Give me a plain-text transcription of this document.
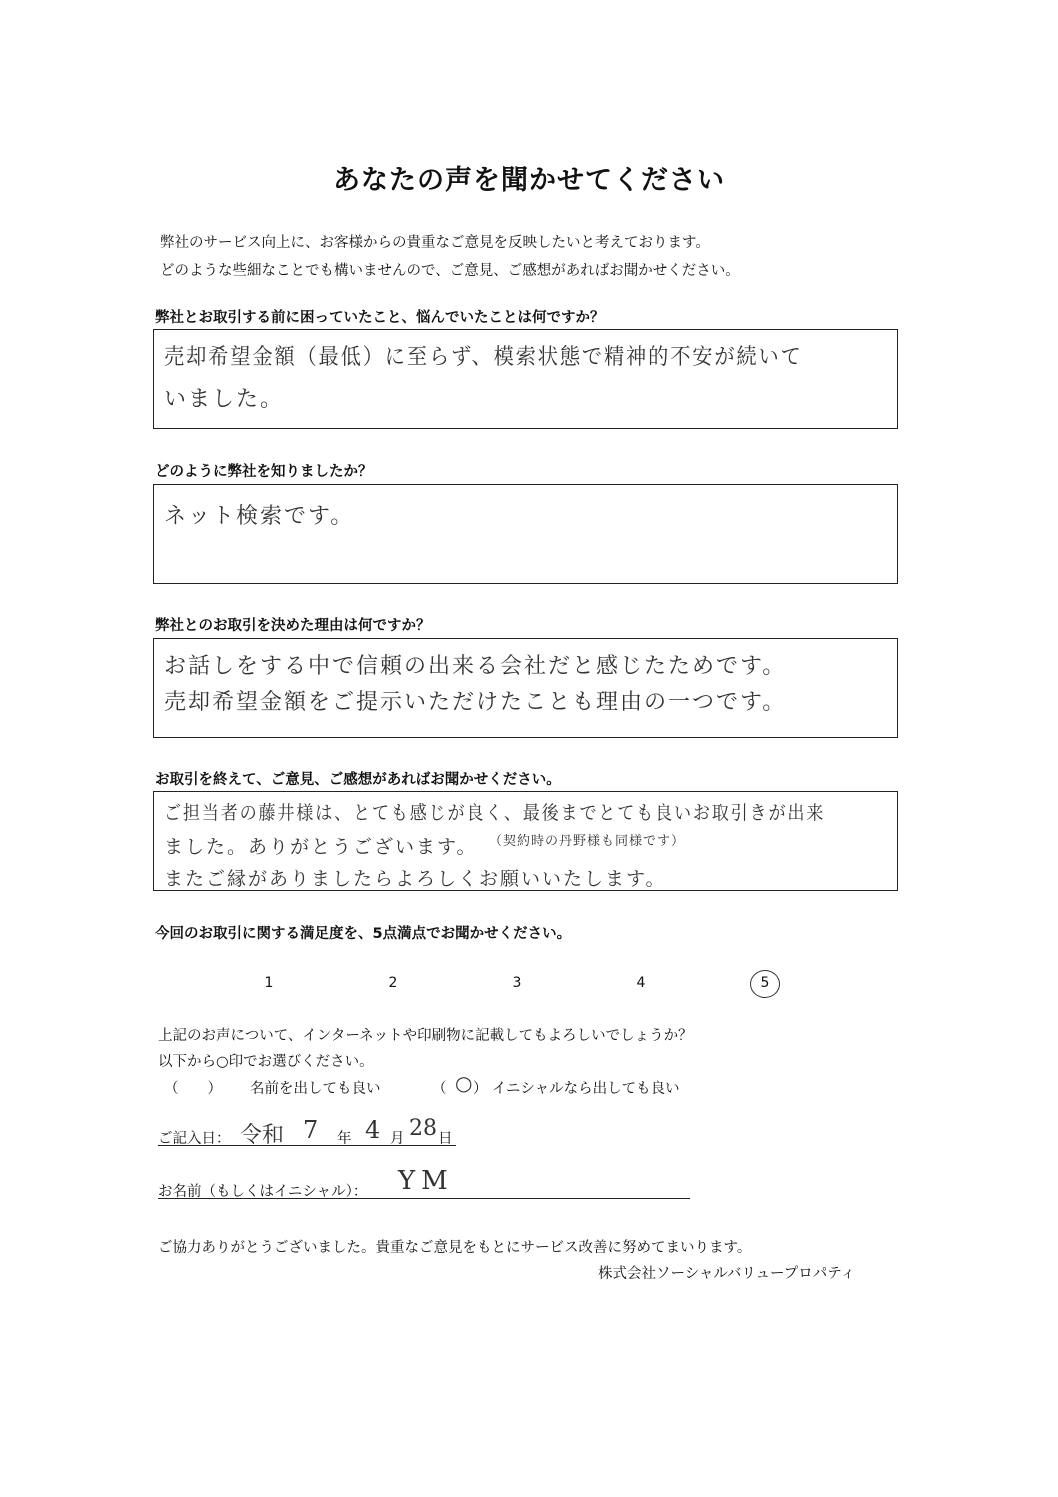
あなたの声を聞かせてください
弊社のサービス向上に、お客様からの貴重なご意見を反映したいと考えております。
どのような些細なことでも構いませんので、ご意見、ご感想があればお聞かせください。
弊社とお取引する前に困っていたこと、悩んでいたことは何ですか？
売却希望金額（最低）に至らず、模索状態で精神的不安が続いて
いました。
どのように弊社を知りましたか？
ネット検索です。
弊社とのお取引を決めた理由は何ですか？
お話しをする中で信頼の出来る会社だと感じたためです。
売却希望金額をご提示いただけたことも理由の一つです。
お取引を終えて、ご意見、ご感想があればお聞かせください。
ご担当者の藤井様は、とても感じが良く、最後までとても良いお取引きが出来
ました。ありがとうございます。 （契約時の丹野様も同様です）
またご縁がありましたらよろしくお願いいたします。
今回のお取引に関する満足度を、5点満点でお聞かせください。
1	2	3	4	5
上記のお声について、インターネットや印刷物に記載してもよろしいでしょうか？
以下から○印でお選びください。
（　　） 名前を出しても良い	（ ○ ） イニシャルなら出しても良い
ご記入日： 令和 7 年 4 月 28 日
お名前（もしくはイニシャル）： YM
ご協力ありがとうございました。貴重なご意見をもとにサービス改善に努めてまいります。
株式会社ソーシャルバリュープロパティ
